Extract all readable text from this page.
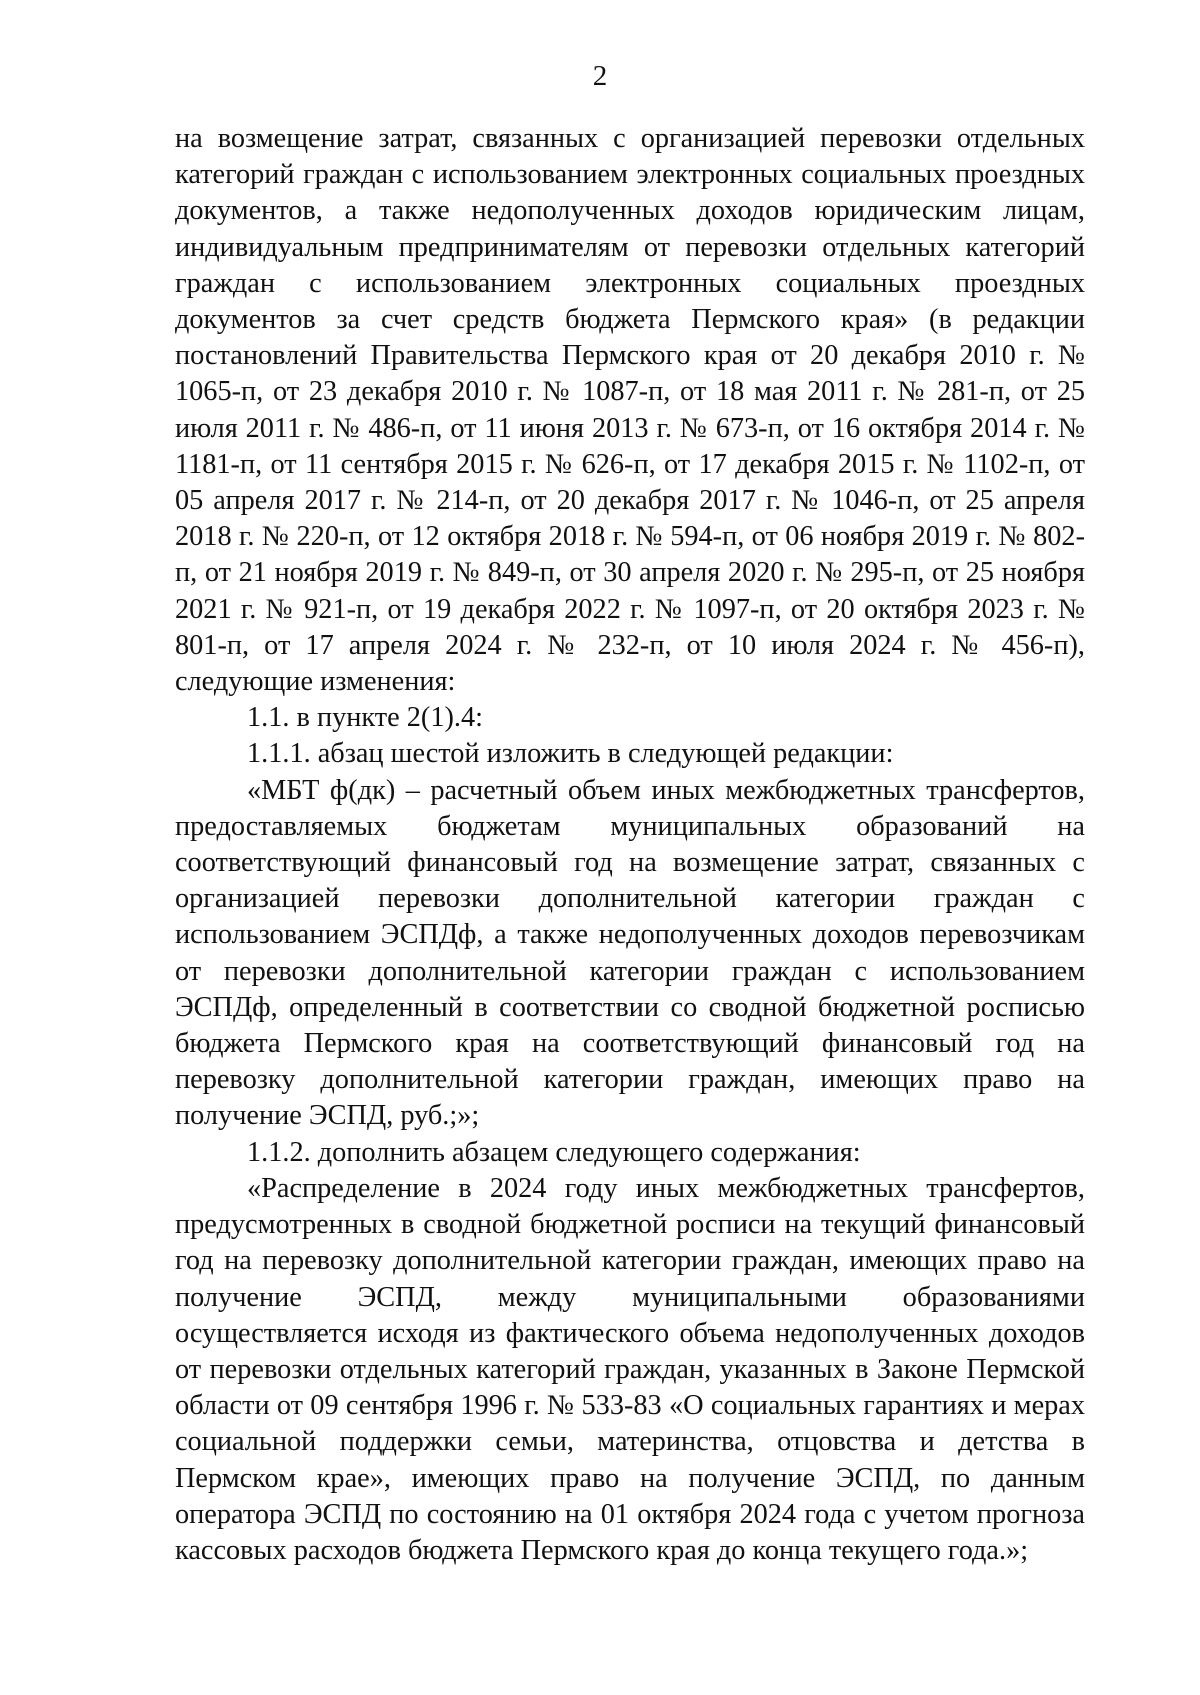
2

на возмещение затрат, связанных с организацией перевозки отдельных категорий граждан с использованием электронных социальных проездных документов, а также недополученных доходов юридическим лицам, индивидуальным предпринимателям от перевозки отдельных категорий граждан с использованием электронных социальных проездных документов за счет средств бюджета Пермского края» (в редакции постановлений Правительства Пермского края от 20 декабря 2010 г. № 1065-п, от 23 декабря 2010 г. № 1087-п, от 18 мая 2011 г. № 281-п, от 25 июля 2011 г. № 486-п, от 11 июня 2013 г. № 673-п, от 16 октября 2014 г. № 1181-п, от 11 сентября 2015 г. № 626-п, от 17 декабря 2015 г. № 1102-п, от 05 апреля 2017 г. № 214-п, от 20 декабря 2017 г. № 1046-п, от 25 апреля 2018 г. № 220-п, от 12 октября 2018 г. № 594-п, от 06 ноября 2019 г. № 802-п, от 21 ноября 2019 г. № 849-п, от 30 апреля 2020 г. № 295-п, от 25 ноября 2021 г. № 921-п, от 19 декабря 2022 г. № 1097-п, от 20 октября 2023 г. № 801-п, от 17 апреля 2024 г. № 232-п, от 10 июля 2024 г. № 456-п), следующие изменения:

1.1. в пункте 2(1).4:

1.1.1. абзац шестой изложить в следующей редакции:

«МБТ ф(дк) – расчетный объем иных межбюджетных трансфертов, предоставляемых бюджетам муниципальных образований на соответствующий финансовый год на возмещение затрат, связанных с организацией перевозки дополнительной категории граждан с использованием ЭСПДф, а также недополученных доходов перевозчикам от перевозки дополнительной категории граждан с использованием ЭСПДф, определенный в соответствии со сводной бюджетной росписью бюджета Пермского края на соответствующий финансовый год на перевозку дополнительной категории граждан, имеющих право на получение ЭСПД, руб.;»;

1.1.2. дополнить абзацем следующего содержания:

«Распределение в 2024 году иных межбюджетных трансфертов, предусмотренных в сводной бюджетной росписи на текущий финансовый год на перевозку дополнительной категории граждан, имеющих право на получение ЭСПД, между муниципальными образованиями осуществляется исходя из фактического объема недополученных доходов от перевозки отдельных категорий граждан, указанных в Законе Пермской области от 09 сентября 1996 г. № 533-83 «О социальных гарантиях и мерах социальной поддержки семьи, материнства, отцовства и детства в Пермском крае», имеющих право на получение ЭСПД, по данным оператора ЭСПД по состоянию на 01 октября 2024 года с учетом прогноза кассовых расходов бюджета Пермского края до конца текущего года.»;
